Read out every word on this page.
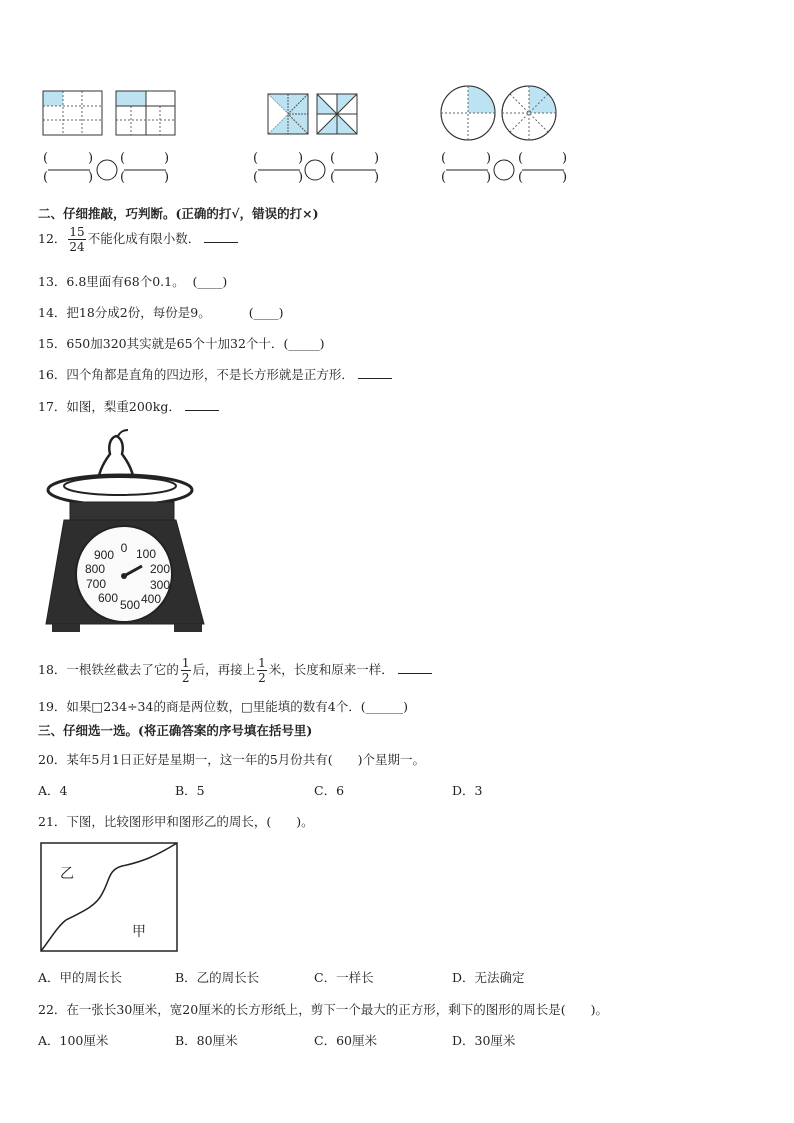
(	)
(	)
(	)
(	)
(	)
(	)
(	)
(	)
(	)
(	)
(	)
(	)
二、仔细推敲，巧判断。(正确的打√，错误的打×)
12． $\frac{15}{24}$ 不能化成有限小数．
13．6.8里面有68个0.1。 (____)
14．把18分成2份，每份是9。	(____)
15．650加320其实就是65个十加32个十．(_____)
16．四个角都是直角的四边形，不是长方形就是正方形．
17．如图，梨重200kg．
0 100
200
300
400
500
600
700
800
900
18．一根铁丝截去了它的 $\frac{1}{2}$ 后，再接上 $\frac{1}{2}$ 米，长度和原来一样．
19．如果□234÷34的商是两位数，□里能填的数有4个．(______)
三、仔细选一选。(将正确答案的序号填在括号里)
20．某年5月1日正好是星期一，这一年的5月份共有(　　)个星期一。
A．4	B．5	C．6	D．3
21．下图，比较图形甲和图形乙的周长，(　　)。
乙
甲
A．甲的周长长	B．乙的周长长	C．一样长	D．无法确定
22．在一张长30厘米，宽20厘米的长方形纸上，剪下一个最大的正方形，剩下的图形的周长是(　　)。
A．100厘米	B．80厘米	C．60厘米	D．30厘米
